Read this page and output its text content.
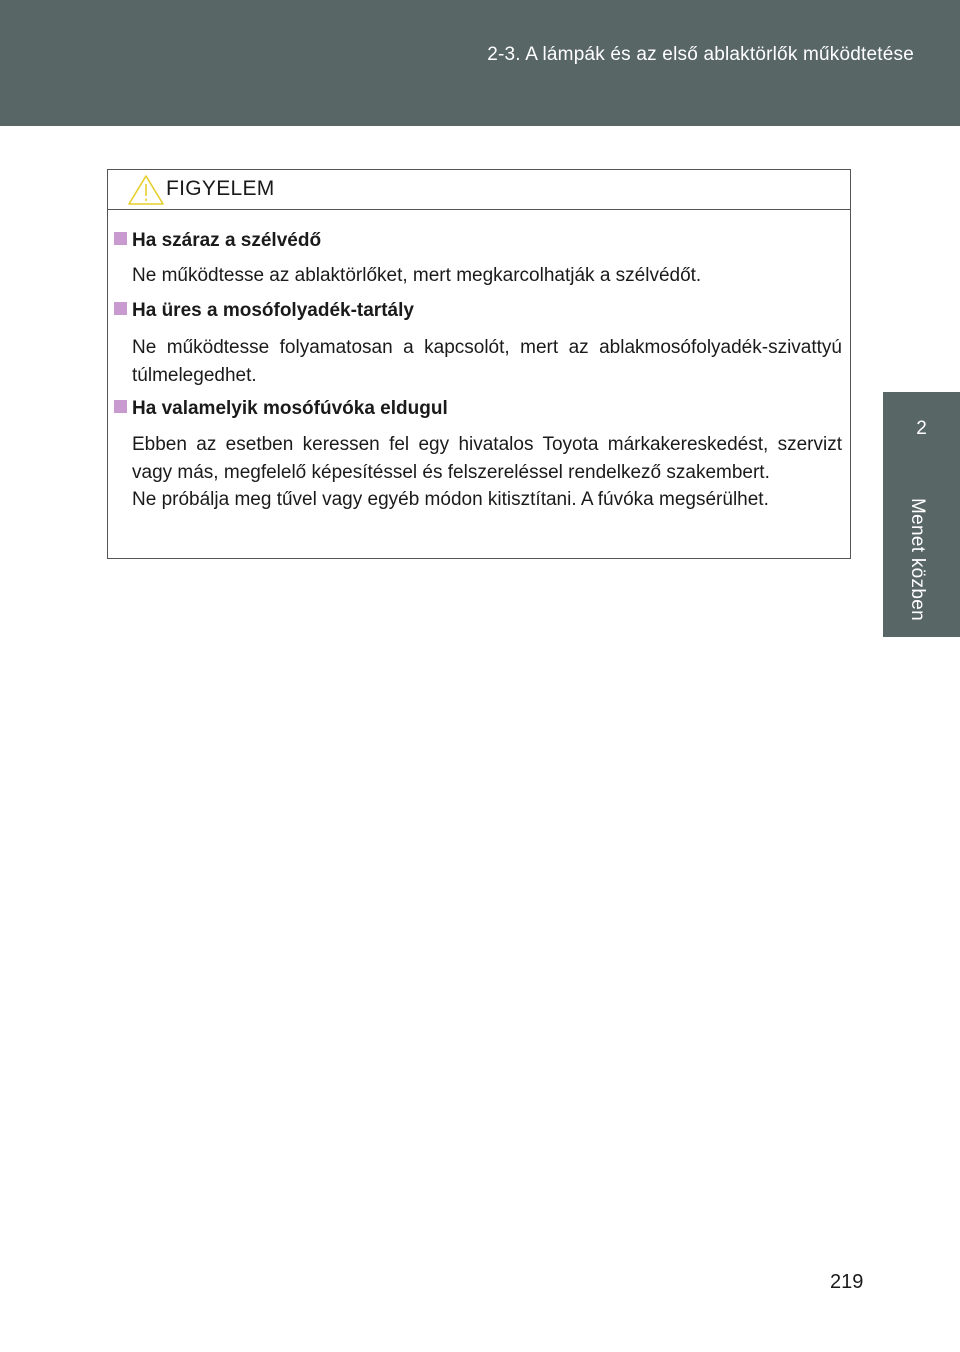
2-3. A lámpák és az első ablaktörlők működtetése
2
Menet közben
FIGYELEM
Ha száraz a szélvédő

Ne működtesse az ablaktörlőket, mert megkarcolhatják a szélvédőt.

Ha üres a mosófolyadék-tartály

Ne működtesse folyamatosan a kapcsolót, mert az ablakmosófolyadék-szivattyú túlmelegedhet.

Ha valamelyik mosófúvóka eldugul

Ebben az esetben keressen fel egy hivatalos Toyota márkakereskedést, szervizt vagy más, megfelelő képesítéssel és felszereléssel rendelkező szakembert.

Ne próbálja meg tűvel vagy egyéb módon kitisztítani. A fúvóka megsérülhet.

219
